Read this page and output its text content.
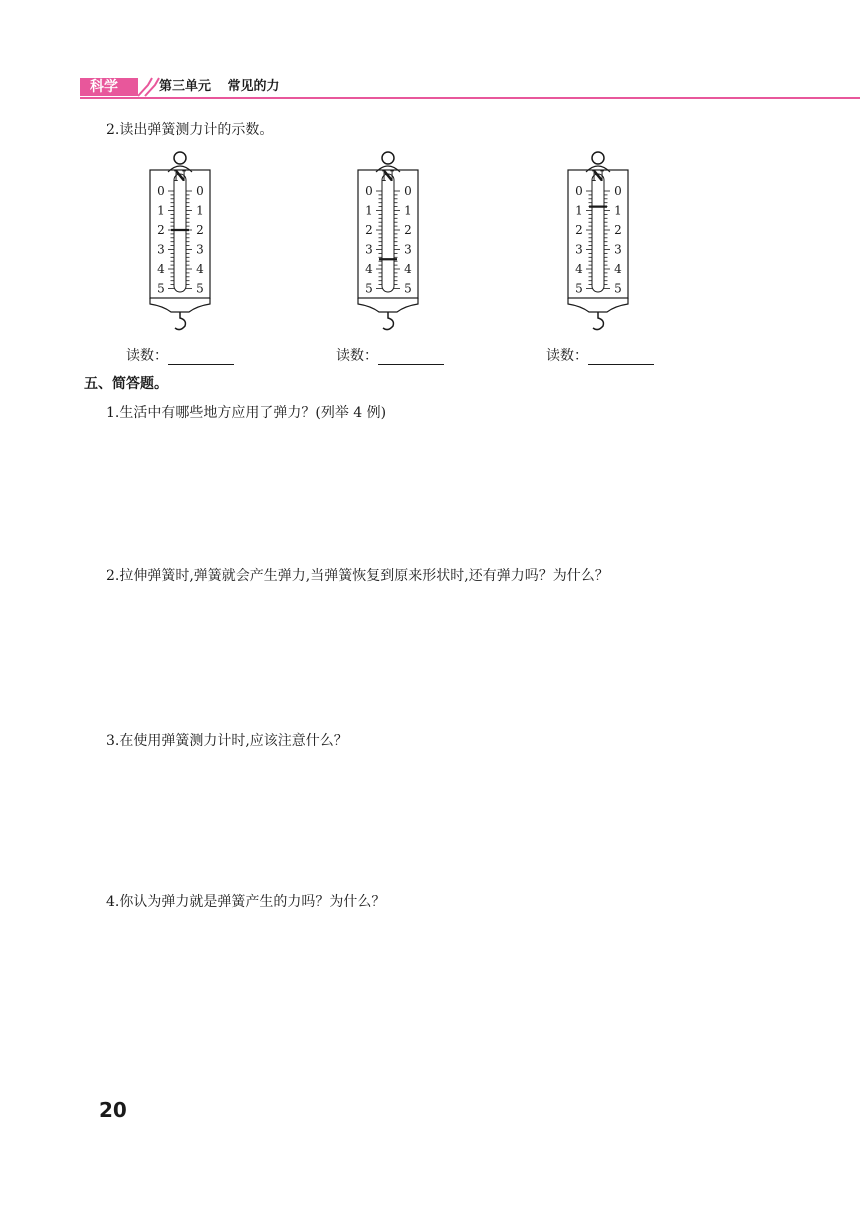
科学	第三单元 常见的力
2.读出弹簧测力计的示数。
N
0	0
1	1
2	2
3	3
4	4
5	5
N
0	0
1	1
2	2
3	3
4	4
5	5
N
0	0
1	1
2	2
3	3
4	4
5	5
读数：	读数：	读数：
五、简答题。
1.生活中有哪些地方应用了弹力？(列举 4 例)
2.拉伸弹簧时,弹簧就会产生弹力,当弹簧恢复到原来形状时,还有弹力吗？为什么？
3.在使用弹簧测力计时,应该注意什么？
4.你认为弹力就是弹簧产生的力吗？为什么？
20
